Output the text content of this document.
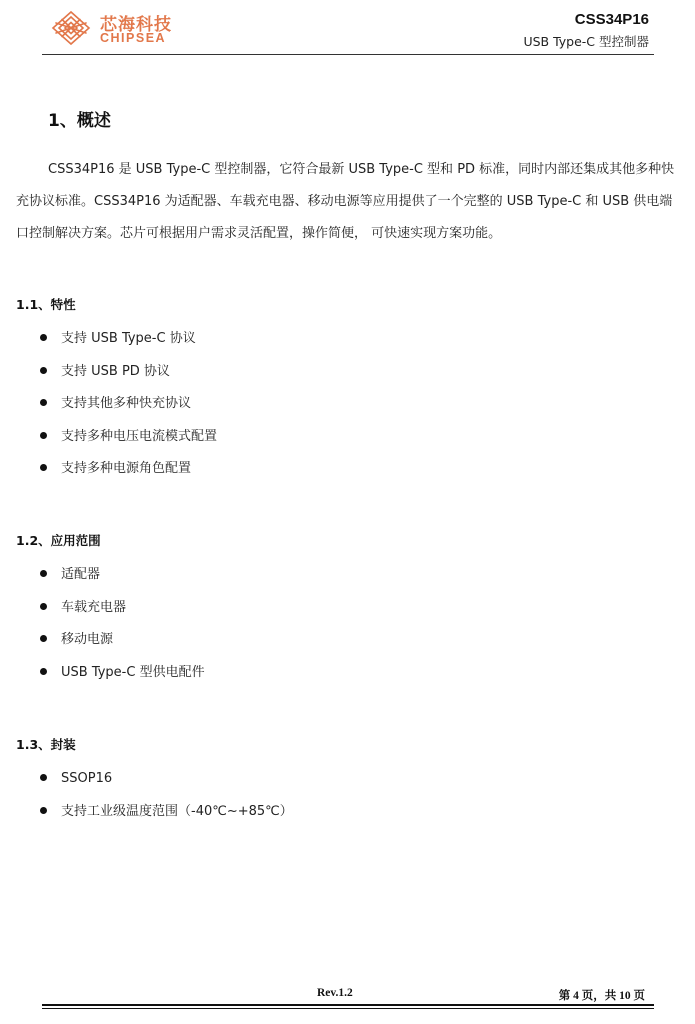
芯海科技
CHIPSEA
CSS34P16
USB Type-C 型控制器
1、概述

CSS34P16 是 USB Type-C 型控制器，它符合最新 USB Type-C 型和 PD 标准，同时内部还集成其他多种快充协议标准。CSS34P16 为适配器、车载充电器、移动电源等应用提供了一个完整的 USB Type-C 和 USB 供电端口控制解决方案。芯片可根据用户需求灵活配置，操作简便， 可快速实现方案功能。

1.1、特性
支持 USB Type-C 协议
支持 USB PD 协议
支持其他多种快充协议
支持多种电压电流模式配置
支持多种电源角色配置
1.2、应用范围
适配器
车载充电器
移动电源
USB Type-C 型供电配件
1.3、封装
SSOP16
支持工业级温度范围（-40℃~+85℃）
Rev.1.2	第 4 页，共 10 页
